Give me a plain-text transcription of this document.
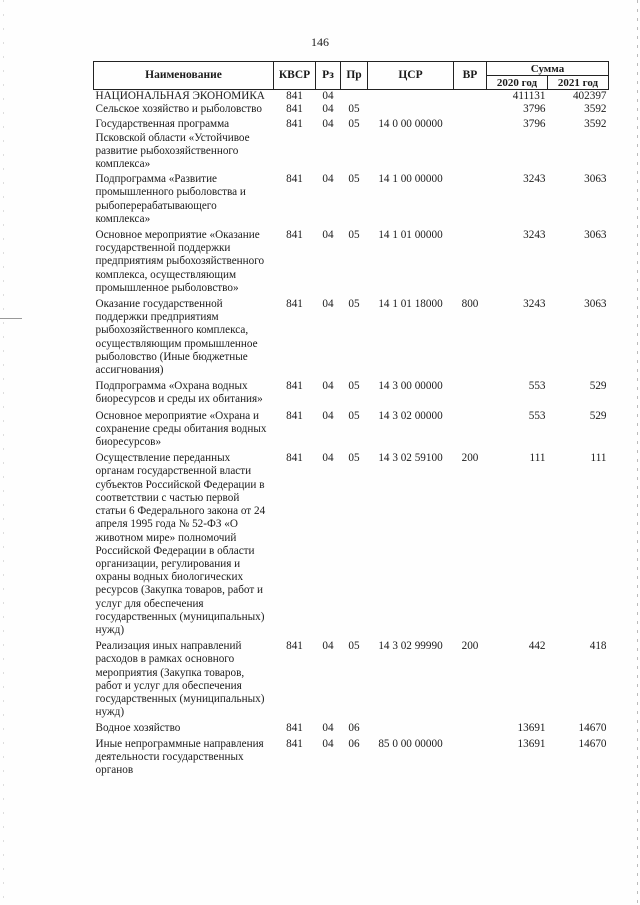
146
Наименование	КВСР	Рз	Пр	ЦСР	ВР	Сумма	
						2020 год	2021 год
НАЦИОНАЛЬНАЯ ЭКОНОМИКА	841	04				411131	402397
Сельское хозяйство и рыболовство	841	04	05			3796	3592
Государственная программа Псковской области «Устойчивое развитие рыбохозяйственного комплекса»	841	04	05	14 0 00 00000		3796	3592
Подпрограмма «Развитие промышленного рыболовства и рыбоперерабатывающего комплекса»	841	04	05	14 1 00 00000		3243	3063
Основное мероприятие «Оказание государственной поддержки предприятиям рыбохозяйственного комплекса, осуществляющим промышленное рыболовство»	841	04	05	14 1 01 00000		3243	3063
Оказание государственной поддержки предприятиям рыбохозяйственного комплекса, осуществляющим промышленное рыболовство (Иные бюджетные ассигнования)	841	04	05	14 1 01 18000	800	3243	3063
Подпрограмма «Охрана водных биоресурсов и среды их обитания»	841	04	05	14 3 00 00000		553	529
Основное мероприятие «Охрана и сохранение среды обитания водных биоресурсов»	841	04	05	14 3 02 00000		553	529
Осуществление переданных органам государственной власти субъектов Российской Федерации в соответствии с частью первой статьи 6 Федерального закона от 24 апреля 1995 года № 52-ФЗ «О животном мире» полномочий Российской Федерации в области организации, регулирования и охраны водных биологических ресурсов (Закупка товаров, работ и услуг для обеспечения государственных (муниципальных) нужд)	841	04	05	14 3 02 59100	200	111	111
Реализация иных направлений расходов в рамках основного мероприятия (Закупка товаров, работ и услуг для обеспечения государственных (муниципальных) нужд)	841	04	05	14 3 02 99990	200	442	418
Водное хозяйство	841	04	06			13691	14670
Иные непрограммные направления деятельности государственных органов	841	04	06	85 0 00 00000		13691	14670
